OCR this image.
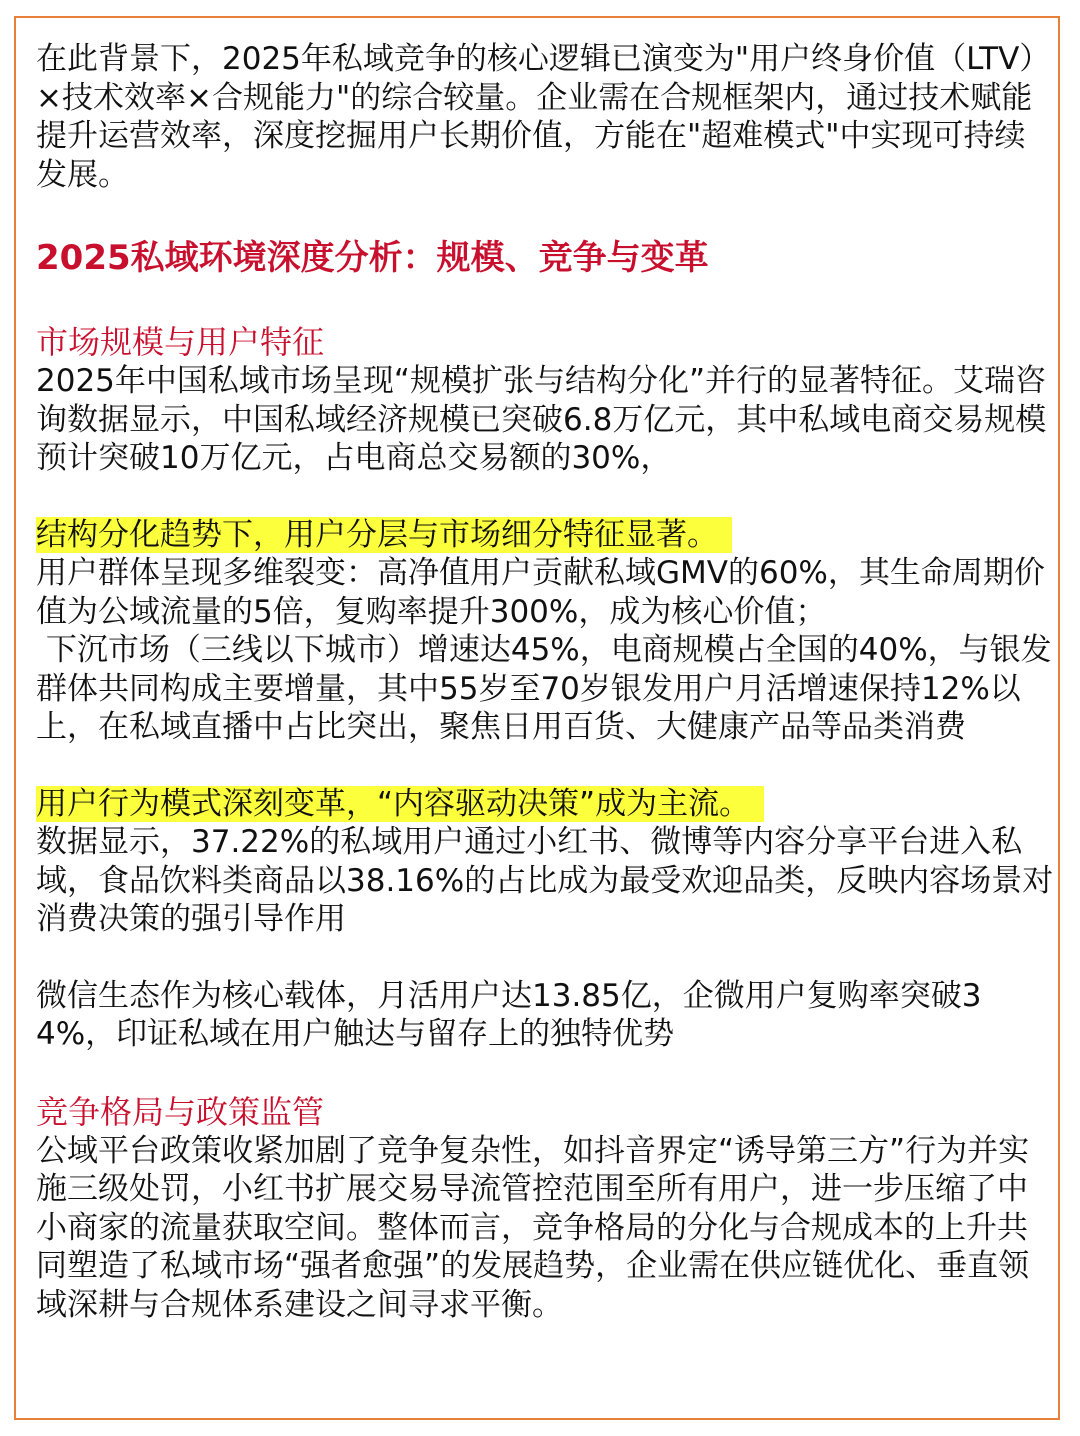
在此背景下，2025年私域竞争的核心逻辑已演变为"用户终身价值（LTV）×技术效率×合规能力"的综合较量。企业需在合规框架内，通过技术赋能提升运营效率，深度挖掘用户长期价值，方能在"超难模式"中实现可持续发展。

2025私域环境深度分析：规模、竞争与变革

市场规模与用户特征

2025年中国私域市场呈现“规模扩张与结构分化”并行的显著特征。艾瑞咨询数据显示，中国私域经济规模已突破6.8万亿元，其中私域电商交易规模预计突破10万亿元，占电商总交易额的30%，

结构分化趋势下，用户分层与市场细分特征显著。

用户群体呈现多维裂变：高净值用户贡献私域GMV的60%，其生命周期价值为公域流量的5倍，复购率提升300%，成为核心价值；

下沉市场（三线以下城市）增速达45%，电商规模占全国的40%，与银发群体共同构成主要增量，其中55岁至70岁银发用户月活增速保持12%以上，在私域直播中占比突出，聚焦日用百货、大健康产品等品类消费

用户行为模式深刻变革，“内容驱动决策”成为主流。

数据显示，37.22%的私域用户通过小红书、微博等内容分享平台进入私域，食品饮料类商品以38.16%的占比成为最受欢迎品类，反映内容场景对消费决策的强引导作用

微信生态作为核心载体，月活用户达13.85亿，企微用户复购率突破34%，印证私域在用户触达与留存上的独特优势

竞争格局与政策监管

公域平台政策收紧加剧了竞争复杂性，如抖音界定“诱导第三方”行为并实施三级处罚，小红书扩展交易导流管控范围至所有用户，进一步压缩了中小商家的流量获取空间。整体而言，竞争格局的分化与合规成本的上升共同塑造了私域市场“强者愈强”的发展趋势，企业需在供应链优化、垂直领域深耕与合规体系建设之间寻求平衡。
